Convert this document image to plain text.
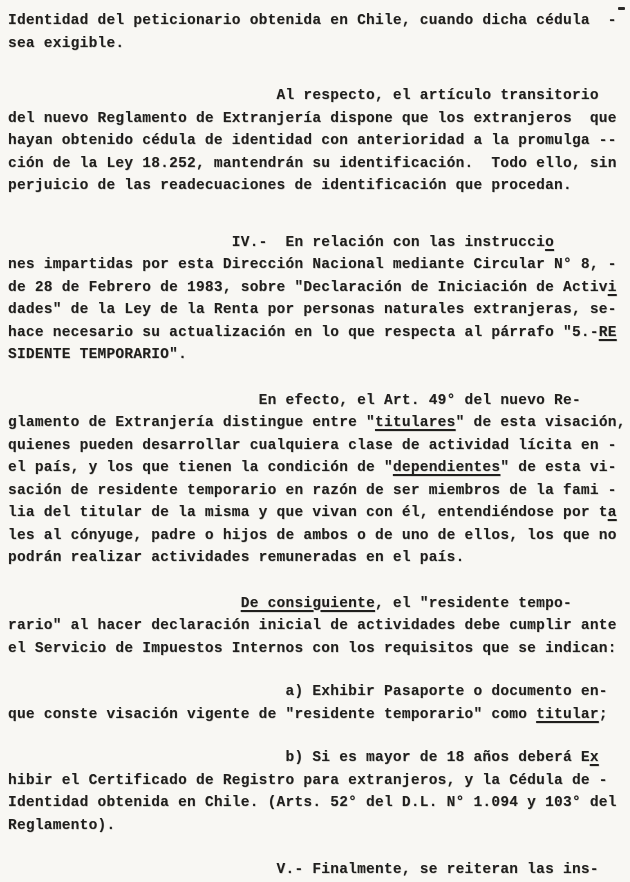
Identidad del peticionario obtenida en Chile, cuando dicha cédula  -
sea exigible.
Al respecto, el artículo transitorio
del nuevo Reglamento de Extranjería dispone que los extranjeros  que
hayan obtenido cédula de identidad con anterioridad a la promulga --
ción de la Ley 18.252, mantendrán su identificación.  Todo ello, sin
perjuicio de las readecuaciones de identificación que procedan.
IV.-  En relación con las instruccio
nes impartidas por esta Dirección Nacional mediante Circular N° 8, -
de 28 de Febrero de 1983, sobre "Declaración de Iniciación de Activi
dades" de la Ley de la Renta por personas naturales extranjeras, se-
hace necesario su actualización en lo que respecta al párrafo "5.-RE
SIDENTE TEMPORARIO".
En efecto, el Art. 49° del nuevo Re-
glamento de Extranjería distingue entre "titulares" de esta visación,
quienes pueden desarrollar cualquiera clase de actividad lícita en -
el país, y los que tienen la condición de "dependientes" de esta vi-
sación de residente temporario en razón de ser miembros de la fami -
lia del titular de la misma y que vivan con él, entendiéndose por ta
les al cónyuge, padre o hijos de ambos o de uno de ellos, los que no
podrán realizar actividades remuneradas en el país.
De consiguiente, el "residente tempo-
rario" al hacer declaración inicial de actividades debe cumplir ante
el Servicio de Impuestos Internos con los requisitos que se indican:
a) Exhibir Pasaporte o documento en-
que conste visación vigente de "residente temporario" como titular;
b) Si es mayor de 18 años deberá Ex
hibir el Certificado de Registro para extranjeros, y la Cédula de -
Identidad obtenida en Chile. (Arts. 52° del D.L. N° 1.094 y 103° del
Reglamento).
V.- Finalmente, se reiteran las ins-
